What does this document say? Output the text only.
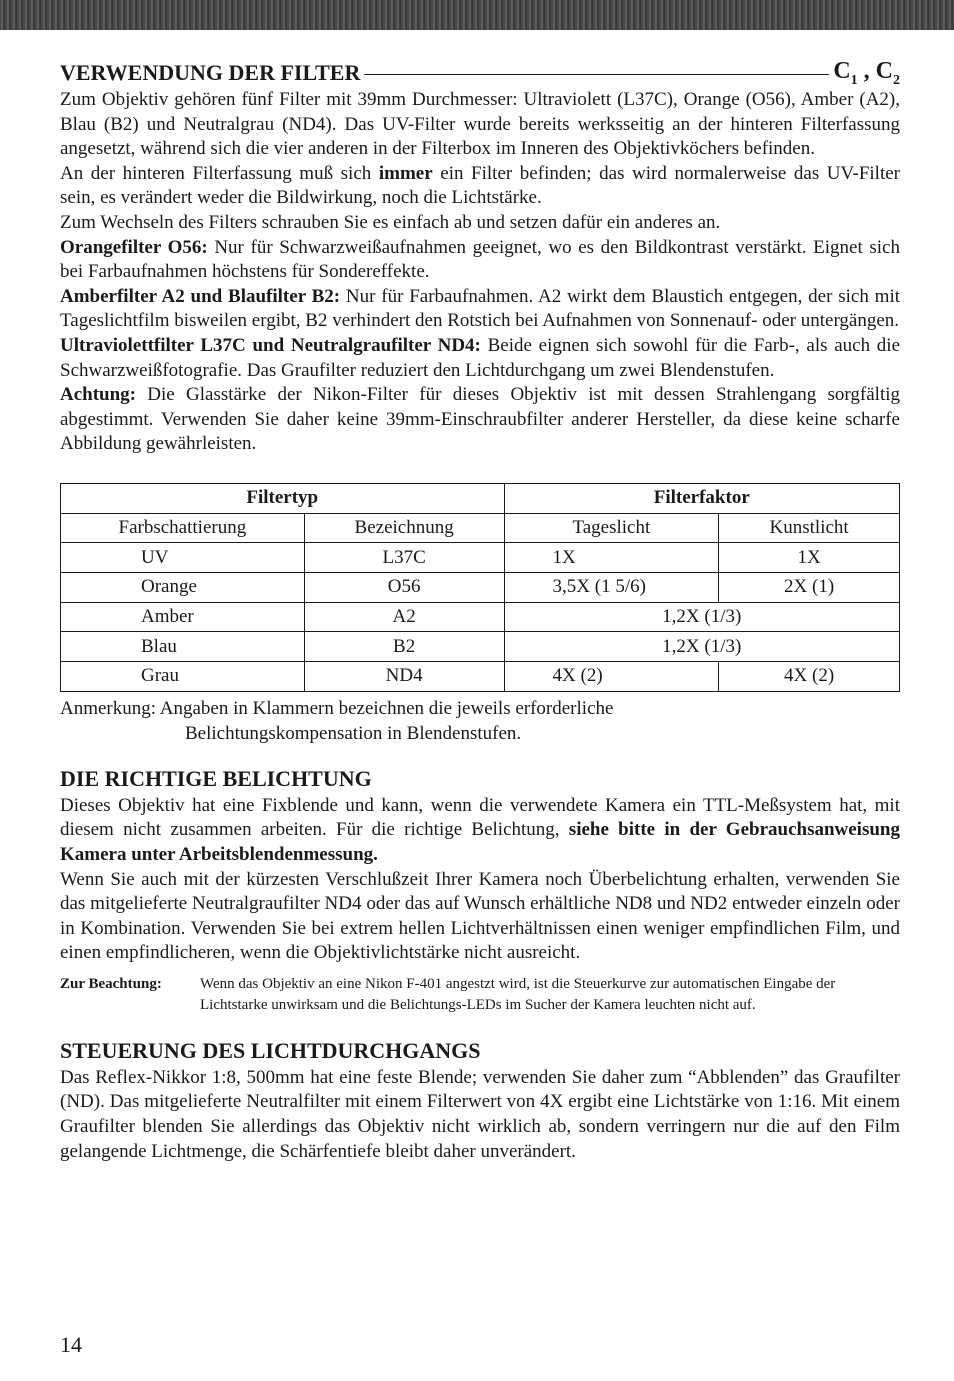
VERWENDUNG DER FILTER	$C_1$ , $C_2$

Zum Objektiv gehören fünf Filter mit 39mm Durchmesser: Ultraviolett (L37C), Orange (O56), Amber (A2), Blau (B2) und Neutralgrau (ND4). Das UV-Filter wurde bereits werksseitig an der hinteren Filterfassung angesetzt, während sich die vier anderen in der Filterbox im Inneren des Objektivköchers befinden.

An der hinteren Filterfassung muß sich immer ein Filter befinden; das wird normalerweise das UV-Filter sein, es verändert weder die Bildwirkung, noch die Lichtstärke.

Zum Wechseln des Filters schrauben Sie es einfach ab und setzen dafür ein anderes an.

Orangefilter O56: Nur für Schwarzweißaufnahmen geeignet, wo es den Bildkontrast verstärkt. Eignet sich bei Farbaufnahmen höchstens für Sondereffekte.

Amberfilter A2 und Blaufilter B2: Nur für Farbaufnahmen. A2 wirkt dem Blaustich entgegen, der sich mit Tageslichtfilm bisweilen ergibt, B2 verhindert den Rotstich bei Aufnahmen von Sonnenauf- oder untergängen.

Ultraviolettfilter L37C und Neutralgraufilter ND4: Beide eignen sich sowohl für die Farb-, als auch die Schwarzweißfotografie. Das Graufilter reduziert den Lichtdurchgang um zwei Blendenstufen.

Achtung: Die Glasstärke der Nikon-Filter für dieses Objektiv ist mit dessen Strahlengang sorgfältig abgestimmt. Verwenden Sie daher keine 39mm-Einschraubfilter anderer Hersteller, da diese keine scharfe Abbildung gewährleisten.

Filtertyp		Filterfaktor	
Farbschattierung	Bezeichnung	Tageslicht	Kunstlicht
UV	L37C	1X	1X
Orange	O56	3,5X (1 5/6)	2X (1)
Amber	A2	1,2X (1/3)	
Blau	B2	1,2X (1/3)	
Grau	ND4	4X (2)	4X (2)
Anmerkung: Angaben in Klammern bezeichnen die jeweils erforderliche
Belichtungskompensation in Blendenstufen.
DIE RICHTIGE BELICHTUNG

Dieses Objektiv hat eine Fixblende und kann, wenn die verwendete Kamera ein TTL-Meßsystem hat, mit diesem nicht zusammen arbeiten. Für die richtige Belichtung, siehe bitte in der Gebrauchsanweisung Kamera unter Arbeitsblendenmessung.

Wenn Sie auch mit der kürzesten Verschlußzeit Ihrer Kamera noch Überbelichtung erhalten, verwenden Sie das mitgelieferte Neutralgraufilter ND4 oder das auf Wunsch erhältliche ND8 und ND2 entweder einzeln oder in Kombination. Verwenden Sie bei extrem hellen Lichtverhältnissen einen weniger empfindlichen Film, und einen empfindlicheren, wenn die Objektivlichtstärke nicht ausreicht.

Zur Beachtung:	Wenn das Objektiv an eine Nikon F-401 angestzt wird, ist die Steuerkurve zur automatischen Eingabe der Lichtstarke unwirksam und die Belichtungs-LEDs im Sucher der Kamera leuchten nicht auf.
STEUERUNG DES LICHTDURCHGANGS

Das Reflex-Nikkor 1:8, 500mm hat eine feste Blende; verwenden Sie daher zum “Abblenden” das Graufilter (ND). Das mitgelieferte Neutralfilter mit einem Filterwert von 4X ergibt eine Lichtstärke von 1:16. Mit einem Graufilter blenden Sie allerdings das Objektiv nicht wirklich ab, sondern verringern nur die auf den Film gelangende Lichtmenge, die Schärfentiefe bleibt daher unverändert.

14
